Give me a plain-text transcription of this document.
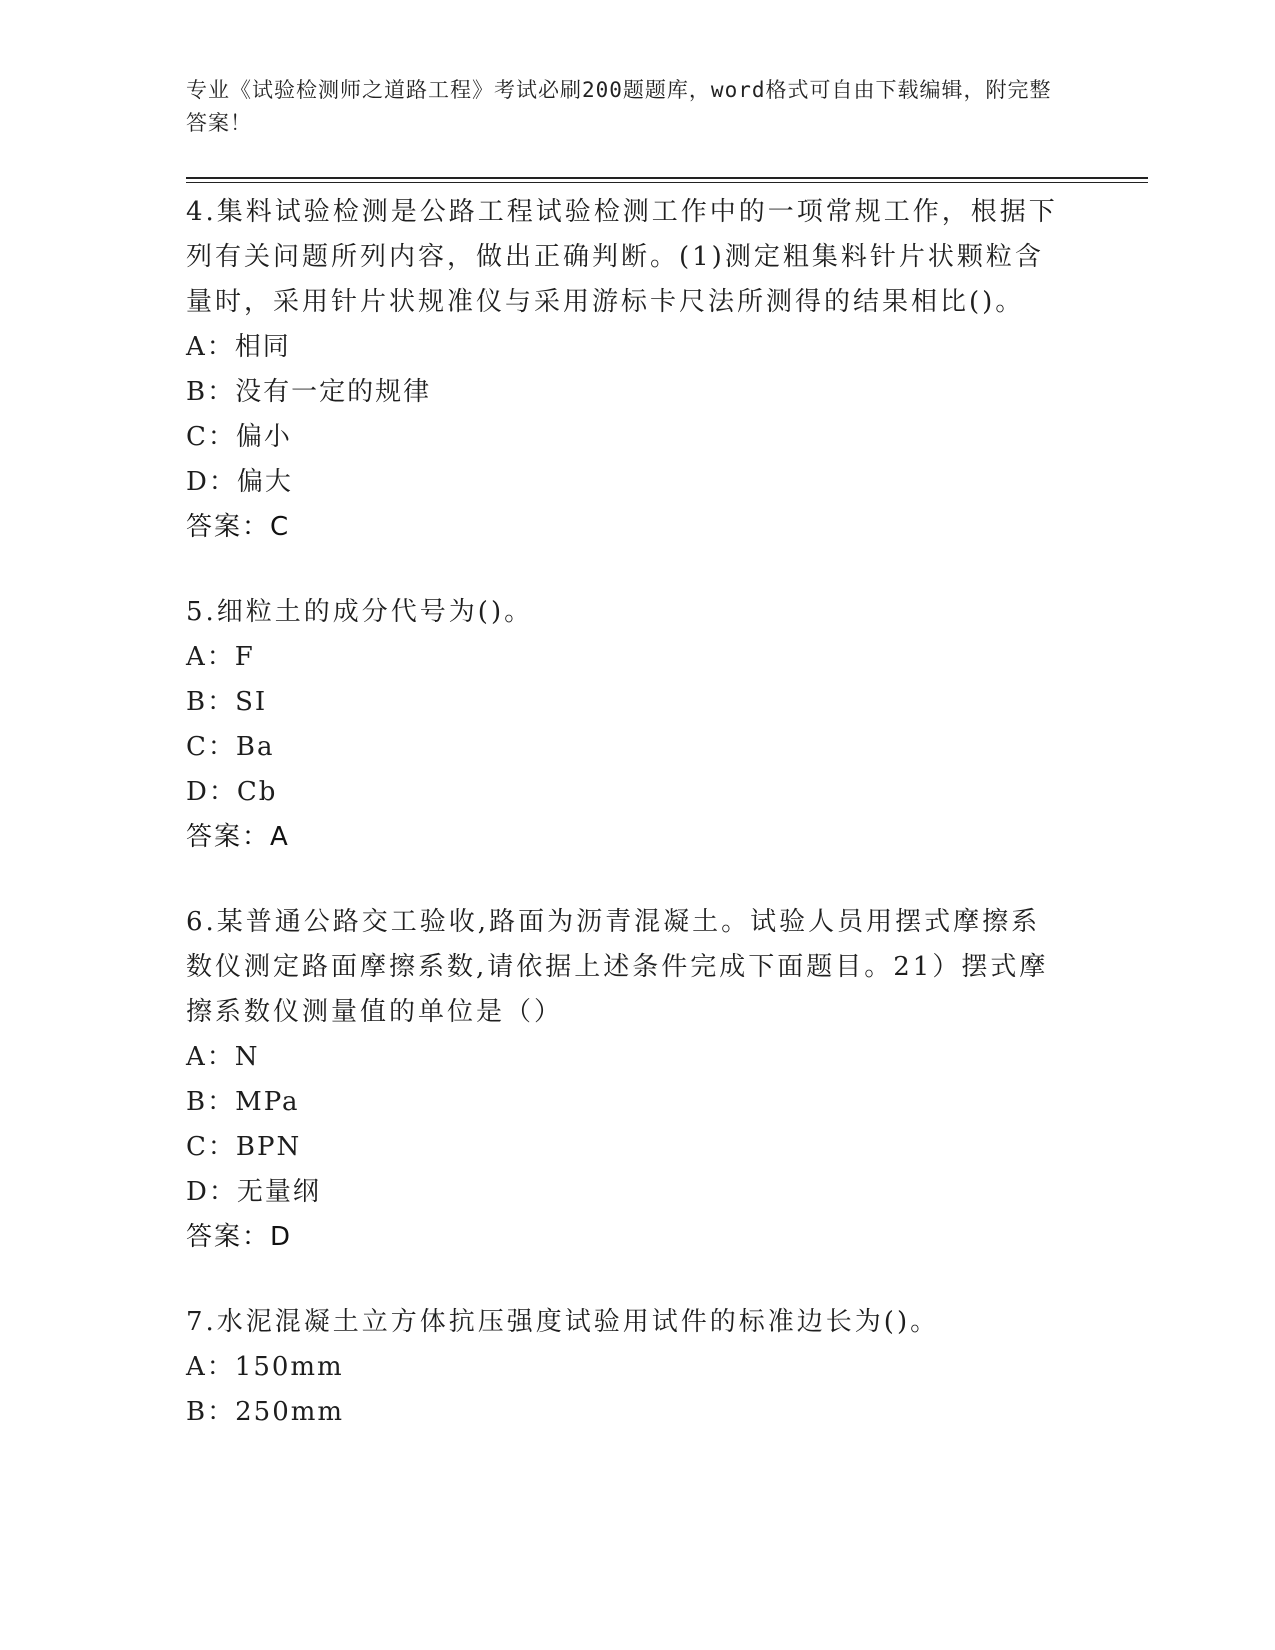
专业《试验检测师之道路工程》考试必刷200题题库，word格式可自由下载编辑，附完整答案！

4.集料试验检测是公路工程试验检测工作中的一项常规工作，根据下列有关问题所列内容，做出正确判断。(1)测定粗集料针片状颗粒含量时，采用针片状规准仪与采用游标卡尺法所测得的结果相比()。

A：相同
B：没有一定的规律
C：偏小
D：偏大
答案：C

5.细粒土的成分代号为()。

A：F
B：SI
C：Ba
D：Cb
答案：A

6.某普通公路交工验收,路面为沥青混凝土。试验人员用摆式摩擦系数仪测定路面摩擦系数,请依据上述条件完成下面题目。21）摆式摩擦系数仪测量值的单位是（）

A：N
B：MPa
C：BPN
D：无量纲
答案：D

7.水泥混凝土立方体抗压强度试验用试件的标准边长为()。

A：150mm
B：250mm
